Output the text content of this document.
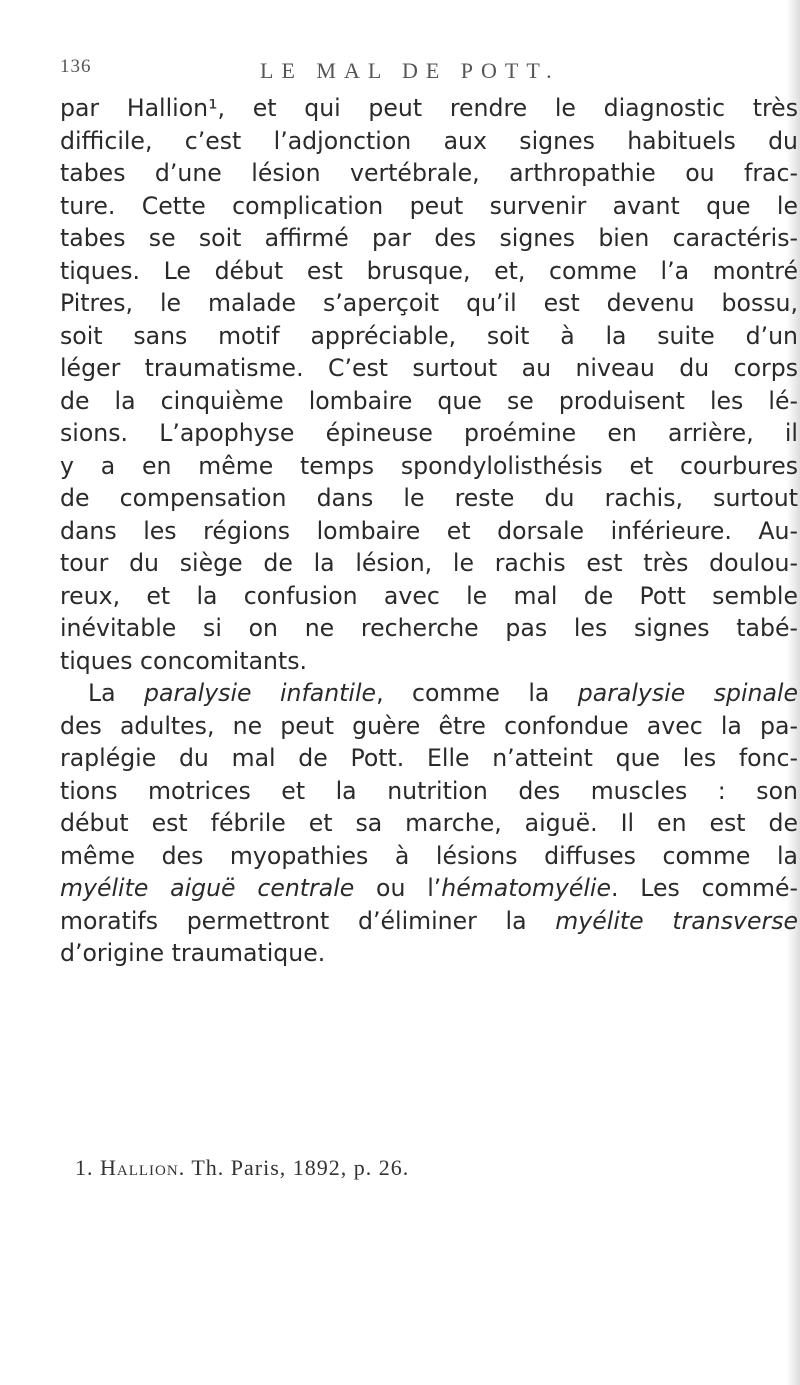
136	LE MAL DE POTT.
par Hallion¹, et qui peut rendre le diagnostic très
difficile, c’est l’adjonction aux signes habituels du
tabes d’une lésion vertébrale, arthropathie ou frac-
ture. Cette complication peut survenir avant que le
tabes se soit affirmé par des signes bien caractéris-
tiques. Le début est brusque, et, comme l’a montré
Pitres, le malade s’aperçoit qu’il est devenu bossu,
soit sans motif appréciable, soit à la suite d’un
léger traumatisme. C’est surtout au niveau du corps
de la cinquième lombaire que se produisent les lé-
sions. L’apophyse épineuse proémine en arrière, il
y a en même temps spondylolisthésis et courbures
de compensation dans le reste du rachis, surtout
dans les régions lombaire et dorsale inférieure. Au-
tour du siège de la lésion, le rachis est très doulou-
reux, et la confusion avec le mal de Pott semble
inévitable si on ne recherche pas les signes tabé-
tiques concomitants.
La paralysie infantile, comme la paralysie spinale
des adultes, ne peut guère être confondue avec la pa-
raplégie du mal de Pott. Elle n’atteint que les fonc-
tions motrices et la nutrition des muscles : son
début est fébrile et sa marche, aiguë. Il en est de
même des myopathies à lésions diffuses comme la
myélite aiguë centrale ou l’hématomyélie. Les commé-
moratifs permettront d’éliminer la myélite transverse
d’origine traumatique.
1. Hallion. Th. Paris, 1892, p. 26.
